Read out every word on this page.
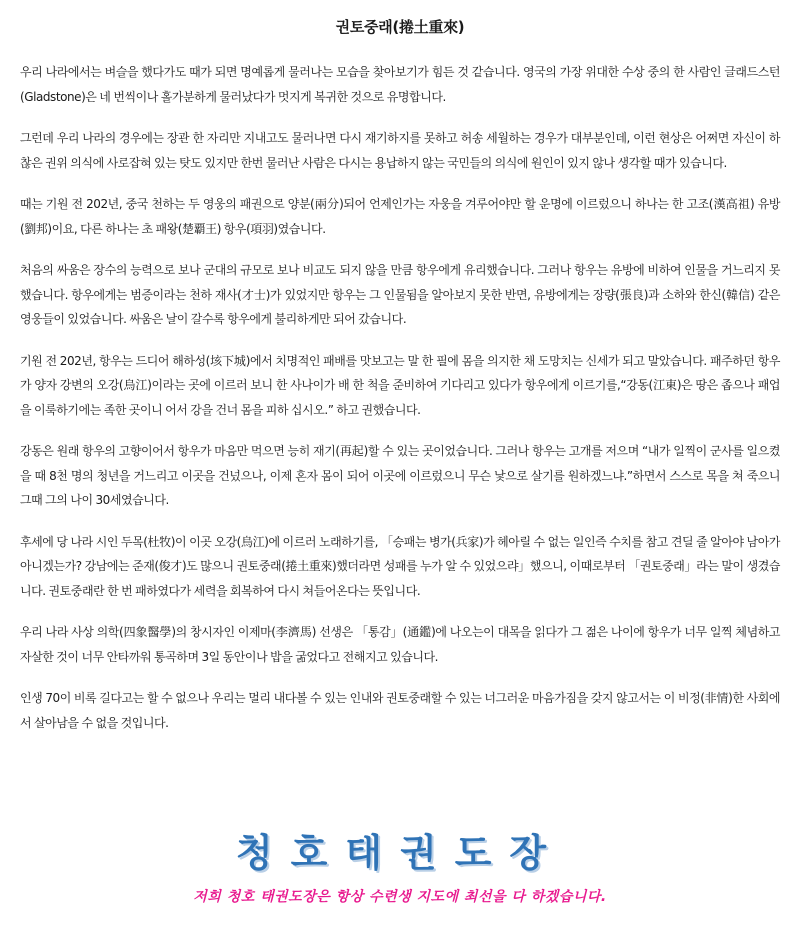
권토중래(捲土重來)

우리 나라에서는 벼슬을 했다가도 때가 되면 명예롭게 물러나는 모습을 찾아보기가 힘든 것 같습니다. 영국의 가장 위대한 수상 중의 한 사람인 글래드스턴(Gladstone)은 네 번씩이나 홀가분하게 물러났다가 멋지게 복귀한 것으로 유명합니다.

그런데 우리 나라의 경우에는 장관 한 자리만 지내고도 물러나면 다시 재기하지를 못하고 허송 세월하는 경우가 대부분인데, 이런 현상은 어쩌면 자신이 하찮은 권위 의식에 사로잡혀 있는 탓도 있지만 한번 물러난 사람은 다시는 용납하지 않는 국민들의 의식에 원인이 있지 않나 생각할 때가 있습니다.

때는 기원 전 202년, 중국 천하는 두 영웅의 패권으로 양분(兩分)되어 언제인가는 자웅을 겨루어야만 할 운명에 이르렀으니 하나는 한 고조(漢高祖) 유방(劉邦)이요, 다른 하나는 초 패왕(楚覇王) 항우(項羽)였습니다.

처음의 싸움은 장수의 능력으로 보나 군대의 규모로 보나 비교도 되지 않을 만큼 항우에게 유리했습니다. 그러나 항우는 유방에 비하여 인물을 거느리지 못했습니다. 항우에게는 범증이라는 천하 재사(才士)가 있었지만 항우는 그 인물됨을 알아보지 못한 반면, 유방에게는 장량(張良)과 소하와 한신(韓信) 같은 영웅들이 있었습니다. 싸움은 날이 갈수록 항우에게 불리하게만 되어 갔습니다.

기원 전 202년, 항우는 드디어 해하성(垓下城)에서 치명적인 패배를 맛보고는 말 한 필에 몸을 의지한 채 도망치는 신세가 되고 말았습니다. 패주하던 항우가 양자 강변의 오강(烏江)이라는 곳에 이르러 보니 한 사나이가 배 한 척을 준비하여 기다리고 있다가 항우에게 이르기를,“강동(江東)은 땅은 좁으나 패업을 이룩하기에는 족한 곳이니 어서 강을 건너 몸을 피하 십시오.” 하고 권했습니다.

강동은 원래 항우의 고향이어서 항우가 마음만 먹으면 능히 재기(再起)할 수 있는 곳이었습니다. 그러나 항우는 고개를 저으며 “내가 일찍이 군사를 일으켰을 때 8천 명의 청년을 거느리고 이곳을 건넜으나, 이제 혼자 몸이 되어 이곳에 이르렀으니 무슨 낯으로 살기를 원하겠느냐.”하면서 스스로 목을 쳐 죽으니 그때 그의 나이 30세였습니다.

후세에 당 나라 시인 두목(杜牧)이 이곳 오강(烏江)에 이르러 노래하기를, 「승패는 병가(兵家)가 헤아릴 수 없는 일인즉 수치를 참고 견딜 줄 알아야 남아가 아니겠는가? 강남에는 준재(俊才)도 많으니 권토중래(捲土重來)했더라면 성패를 누가 알 수 있었으랴」했으니, 이때로부터 「권토중래」라는 말이 생겼습니다. 권토중래란 한 번 패하였다가 세력을 회복하여 다시 쳐들어온다는 뜻입니다.

우리 나라 사상 의학(四象醫學)의 창시자인 이제마(李濟馬) 선생은 「통감」(通鑑)에 나오는이 대목을 읽다가 그 젊은 나이에 항우가 너무 일찍 체념하고 자살한 것이 너무 안타까워 통곡하며 3일 동안이나 밥을 굶었다고 전해지고 있습니다.

인생 70이 비록 길다고는 할 수 없으나 우리는 멀리 내다볼 수 있는 인내와 권토중래할 수 있는 너그러운 마음가짐을 갖지 않고서는 이 비정(非情)한 사회에서 살아남을 수 없을 것입니다.

청호태권도장
저희 청호 태권도장은 항상 수련생 지도에 최선을 다 하겠습니다.
